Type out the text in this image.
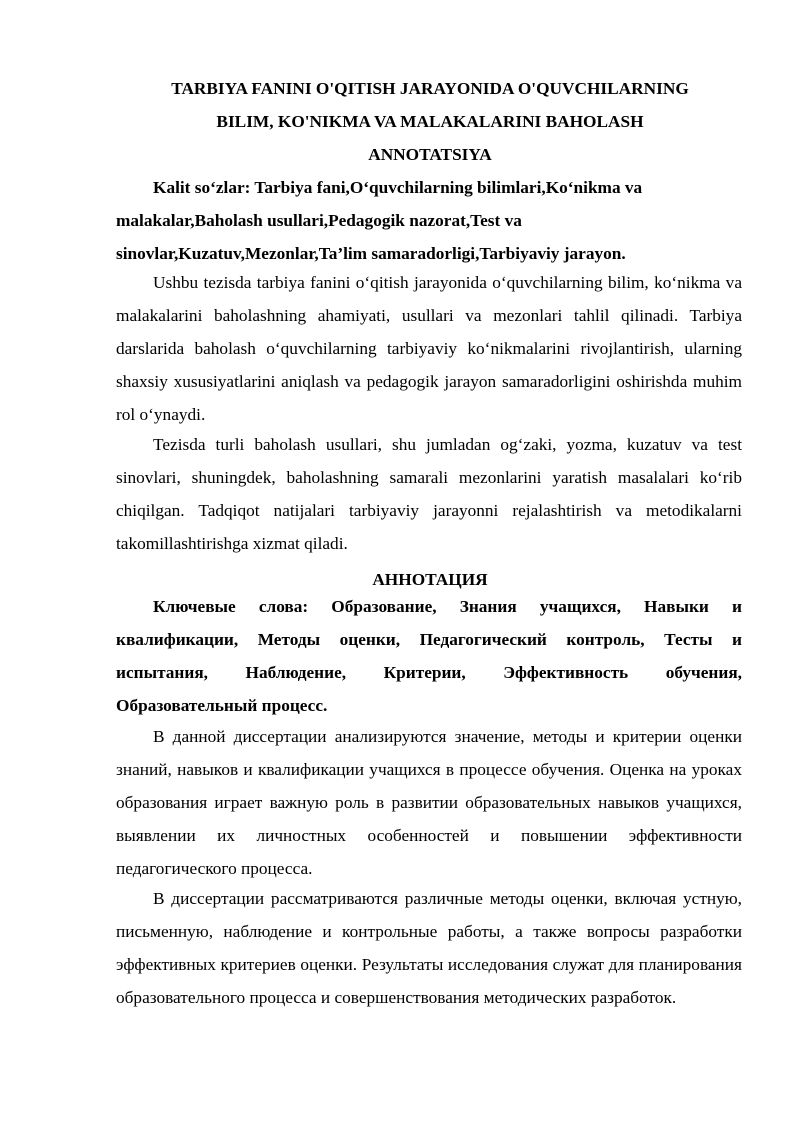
TARBIYA FANINI O'QITISH JARAYONIDA O'QUVCHILARNING

BILIM, KO'NIKMA VA MALAKALARINI BAHOLASH

ANNOTATSIYA

Kalit so‘zlar: Tarbiya fani,O‘quvchilarning bilimlari,Ko‘nikma va malakalar,Baholash usullari,Pedagogik nazorat,Test va sinovlar,Kuzatuv,Mezonlar,Ta’lim samaradorligi,Tarbiyaviy jarayon.

Ushbu tezisda tarbiya fanini o‘qitish jarayonida o‘quvchilarning bilim, ko‘nikma va malakalarini baholashning ahamiyati, usullari va mezonlari tahlil qilinadi. Tarbiya darslarida baholash o‘quvchilarning tarbiyaviy ko‘nikmalarini rivojlantirish, ularning shaxsiy xususiyatlarini aniqlash va pedagogik jarayon samaradorligini oshirishda muhim rol o‘ynaydi.

Tezisda turli baholash usullari, shu jumladan og‘zaki, yozma, kuzatuv va test sinovlari, shuningdek, baholashning samarali mezonlarini yaratish masalalari ko‘rib chiqilgan. Tadqiqot natijalari tarbiyaviy jarayonni rejalashtirish va metodikalarni takomillashtirishga xizmat qiladi.

АННОТАЦИЯ

Ключевые слова: Образование, Знания учащихся, Навыки и квалификации, Методы оценки, Педагогический контроль, Тесты и испытания, Наблюдение, Критерии, Эффективность обучения, Образовательный процесс.

В данной диссертации анализируются значение, методы и критерии оценки знаний, навыков и квалификации учащихся в процессе обучения. Оценка на уроках образования играет важную роль в развитии образовательных навыков учащихся, выявлении их личностных особенностей и повышении эффективности педагогического процесса.

В диссертации рассматриваются различные методы оценки, включая устную, письменную, наблюдение и контрольные работы, а также вопросы разработки эффективных критериев оценки. Результаты исследования служат для планирования образовательного процесса и совершенствования методических разработок.
